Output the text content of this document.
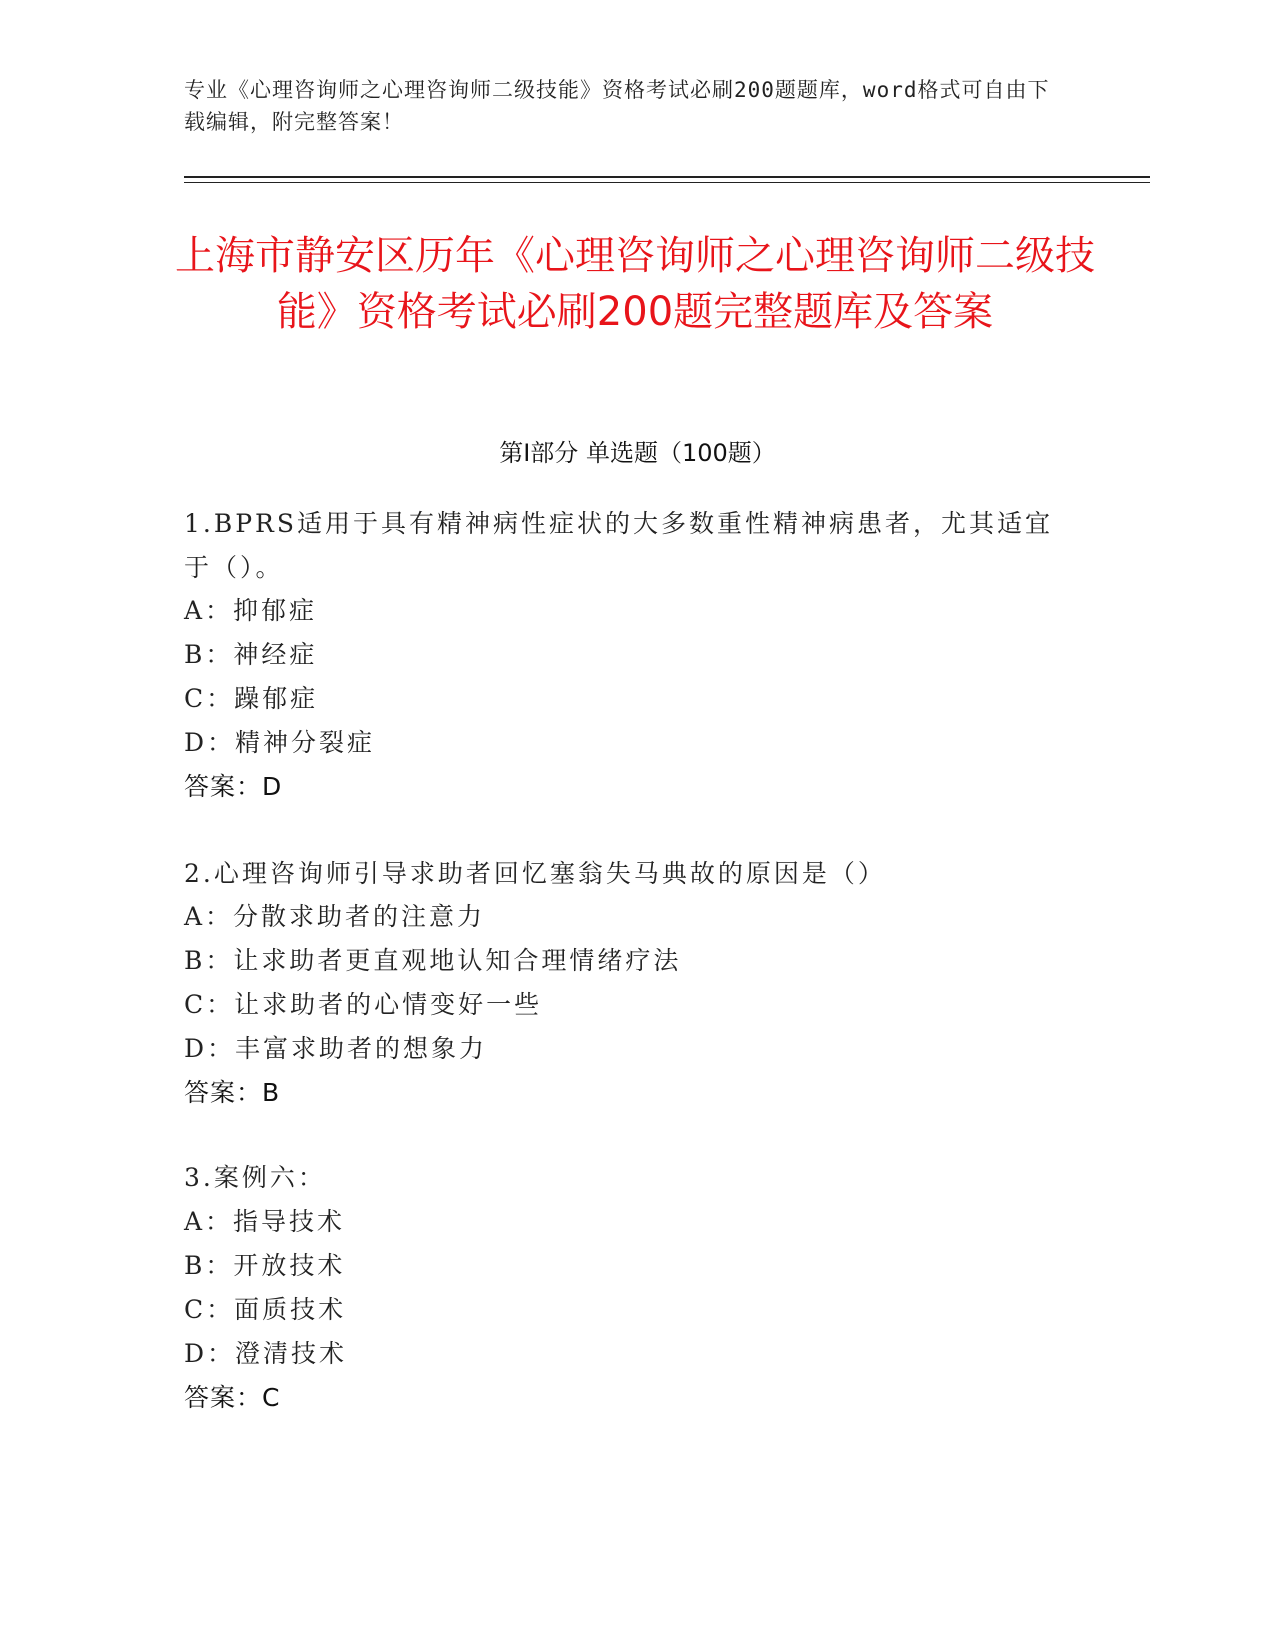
专业《心理咨询师之心理咨询师二级技能》资格考试必刷200题题库，word格式可自由下载编辑，附完整答案！
上海市静安区历年《心理咨询师之心理咨询师二级技能》资格考试必刷200题完整题库及答案
第Ⅰ部分 单选题（100题）
1.BPRS适用于具有精神病性症状的大多数重性精神病患者，尤其适宜于（）。
A：抑郁症
B：神经症
C：躁郁症
D：精神分裂症
答案：D
2.心理咨询师引导求助者回忆塞翁失马典故的原因是（）
A：分散求助者的注意力
B：让求助者更直观地认知合理情绪疗法
C：让求助者的心情变好一些
D：丰富求助者的想象力
答案：B
3.案例六：
A：指导技术
B：开放技术
C：面质技术
D：澄清技术
答案：C
